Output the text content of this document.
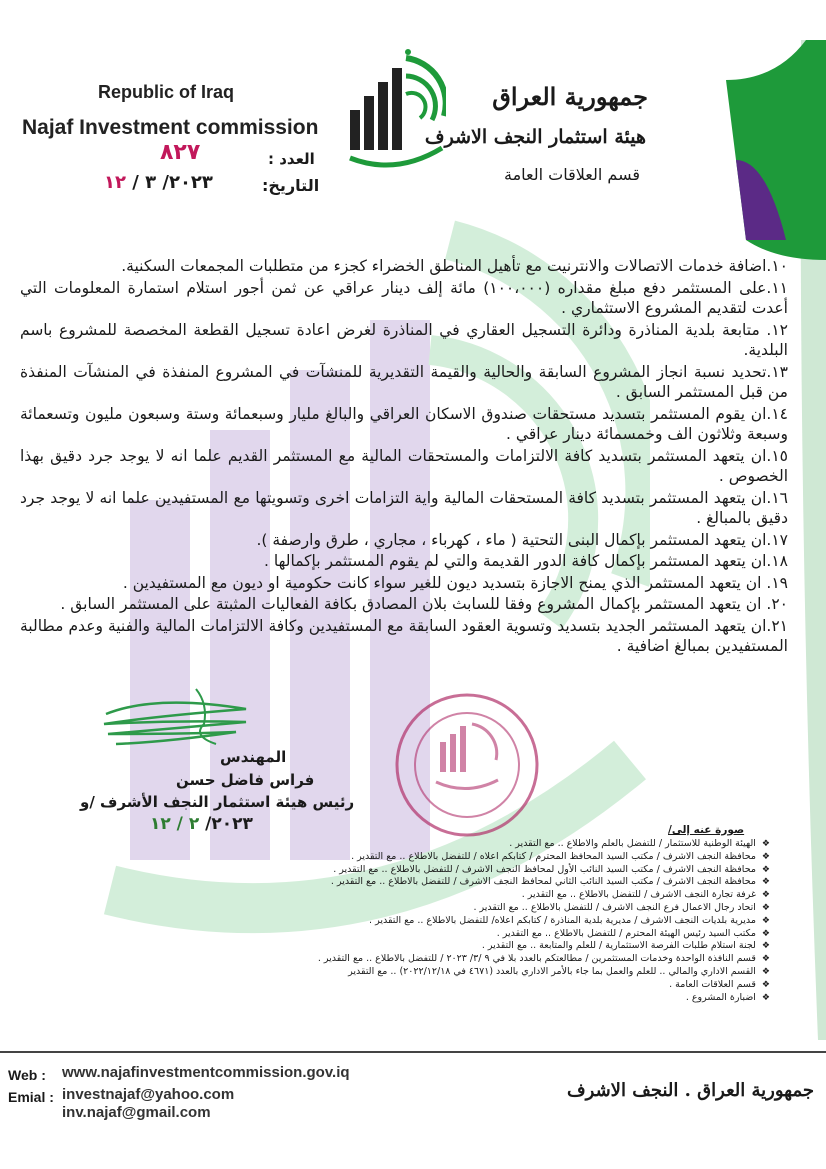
Republic of Iraq
Najaf Investment commission
جمهورية العراق
هيئة استثمار النجف الاشرف
قسم العلاقات العامة
العدد :
٨٢٧
التاريخ:
٢٠٢٣/ ٣ / ١٢
١٠.اضافة خدمات الاتصالات والانترنيت مع تأهيل المناطق الخضراء كجزء من متطلبات المجمعات السكنية.
١١.على المستثمر دفع مبلغ مقداره (١٠٠،٠٠٠) مائة إلف دينار عراقي عن ثمن أجور استلام استمارة المعلومات التي أعدت لتقديم المشروع الاستثماري .
١٢. متابعة بلدية المناذرة ودائرة التسجيل العقاري في المناذرة لغرض اعادة تسجيل القطعة المخصصة للمشروع باسم البلدية.
١٣.تحديد نسبة انجاز المشروع السابقة والحالية والقيمة التقديرية للمنشآت في المشروع المنفذة في المنشآت المنفذة من قبل المستثمر السابق .
١٤.ان يقوم المستثمر بتسديد مستحقات صندوق الاسكان العراقي والبالغ مليار وسبعمائة وستة وسبعون مليون وتسعمائة وسبعة وثلاثون الف وخمسمائة دينار عراقي .
١٥.ان يتعهد المستثمر بتسديد كافة الالتزامات والمستحقات المالية مع المستثمر القديم علما انه لا يوجد جرد دقيق بهذا الخصوص .
١٦.ان يتعهد المستثمر بتسديد كافة المستحقات المالية واية التزامات اخرى وتسويتها مع المستفيدين علما انه لا يوجد جرد دقيق بالمبالغ .
١٧.ان يتعهد المستثمر بإكمال البنى التحتية ( ماء ، كهرباء ، مجاري ، طرق وارصفة ).
١٨.ان يتعهد المستثمر بإكمال كافة الدور القديمة والتي لم يقوم المستثمر بإكمالها .
١٩. ان يتعهد المستثمر الذي يمنح الاجازة بتسديد ديون للغير سواء كانت حكومية او ديون مع المستفيدين .
٢٠. ان يتعهد المستثمر بإكمال المشروع وفقا للسابث بلان المصادق بكافة الفعاليات المثبتة على المستثمر السابق .
٢١.ان يتعهد المستثمر الجديد بتسديد وتسوية العقود السابقة مع المستفيدين وكافة الالتزامات المالية والفنية وعدم مطالبة المستفيدين بمبالغ اضافية .
المهندس
فراس فاضل حسن
رئيس هيئة استثمار النجف الأشرف /و
٢٠٢٣/ ٢ / ١٢	صورة عنه إلى/
❖ الهيئة الوطنية للاستثمار / للتفضل بالعلم والاطلاع .. مع التقدير .
❖ محافظة النجف الاشرف / مكتب السيد المحافظ المحترم / كتابكم اعلاه / للتفضل بالاطلاع .. مع التقدير .
❖ محافظة النجف الاشرف / مكتب السيد النائب الأول لمحافظ النجف الاشرف / للتفضل بالاطلاع .. مع التقدير .
❖ محافظة النجف الاشرف / مكتب السيد النائب الثاني لمحافظ النجف الاشرف / للتفضل بالاطلاع .. مع التقدير .
❖ غرفة تجارة النجف الاشرف / للتفضل بالاطلاع .. مع التقدير .
❖ اتحاد رجال الاعمال فرع النجف الاشرف / للتفضل بالاطلاع .. مع التقدير .
❖ مديرية بلديات النجف الاشرف / مديرية بلدية المناذرة / كتابكم اعلاه/ للتفضل بالاطلاع .. مع التقدير .
❖ مكتب السيد رئيس الهيئة المحترم / للتفضل بالاطلاع .. مع التقدير .
❖ لجنة استلام طلبات الفرصة الاستثمارية / للعلم والمتابعة .. مع التقدير .
❖ قسم النافذة الواحدة وخدمات المستثمرين / مطالعتكم بالعدد بلا في ٩ /٣/ ٢٠٢٣ / للتفضل بالاطلاع .. مع التقدير .
❖ القسم الاداري والمالي .. للعلم والعمل بما جاء بالأمر الاداري بالعدد (٤٦٧١ في ٢٠٢٢/١٢/١٨) .. مع التقدير
❖ قسم العلاقات العامة .
❖ اضبارة المشروع .
Web : www.najafinvestmentcommission.gov.iq
Emial : investnajaf@yahoo.com
inv.najaf@gmail.com
جمهورية العراق . النجف الاشرف
